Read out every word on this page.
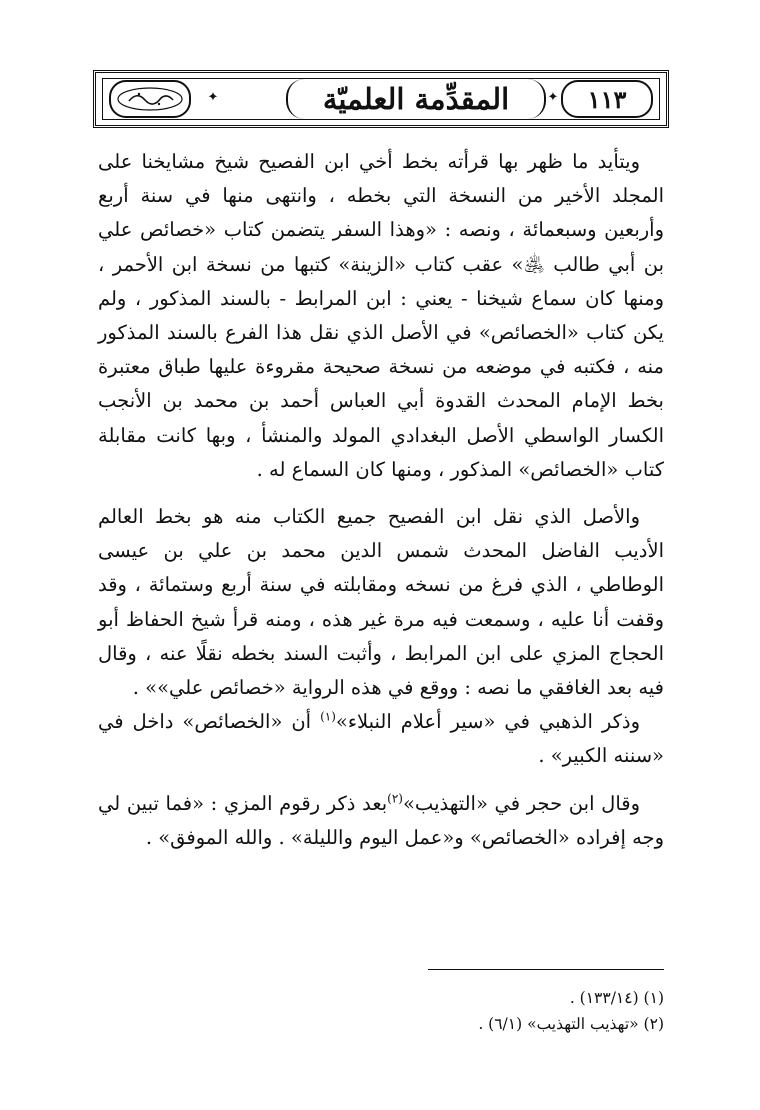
١١٣
المقدِّمة العلميّة
✦	✦

ويتأيد ما ظهر بها قرأته بخط أخي ابن الفصيح شيخ مشايخنا على المجلد الأخير من النسخة التي بخطه ، وانتهى منها في سنة أربع وأربعين وسبعمائة ، ونصه : «وهذا السفر يتضمن كتاب «خصائص علي بن أبي طالب ﵁» عقب كتاب «الزينة» كتبها من نسخة ابن الأحمر ، ومنها كان سماع شيخنا - يعني : ابن المرابط - بالسند المذكور ، ولم يكن كتاب «الخصائص» في الأصل الذي نقل هذا الفرع بالسند المذكور منه ، فكتبه في موضعه من نسخة صحيحة مقروءة عليها طباق معتبرة بخط الإمام المحدث القدوة أبي العباس أحمد بن محمد بن الأنجب الكسار الواسطي الأصل البغدادي المولد والمنشأ ، وبها كانت مقابلة كتاب «الخصائص» المذكور ، ومنها كان السماع له .

والأصل الذي نقل ابن الفصيح جميع الكتاب منه هو بخط العالم الأديب الفاضل المحدث شمس الدين محمد بن علي بن عيسى الوطاطي ، الذي فرغ من نسخه ومقابلته في سنة أربع وستمائة ، وقد وقفت أنا عليه ، وسمعت فيه مرة غير هذه ، ومنه قرأ شيخ الحفاظ أبو الحجاج المزي على ابن المرابط ، وأثبت السند بخطه نقلًا عنه ، وقال فيه بعد الغافقي ما نصه : ووقع في هذه الرواية «خصائص علي»» .

وذكر الذهبي في «سير أعلام النبلاء»$^{(١)}$ أن «الخصائص» داخل في «سننه الكبير» .

وقال ابن حجر في «التهذيب»$^{(٢)}$بعد ذكر رقوم المزي : «فما تبين لي وجه إفراده «الخصائص» و«عمل اليوم والليلة» . والله الموفق» .

(١) (١٣٣/١٤) .
(٢) «تهذيب التهذيب» (٦/١) .
